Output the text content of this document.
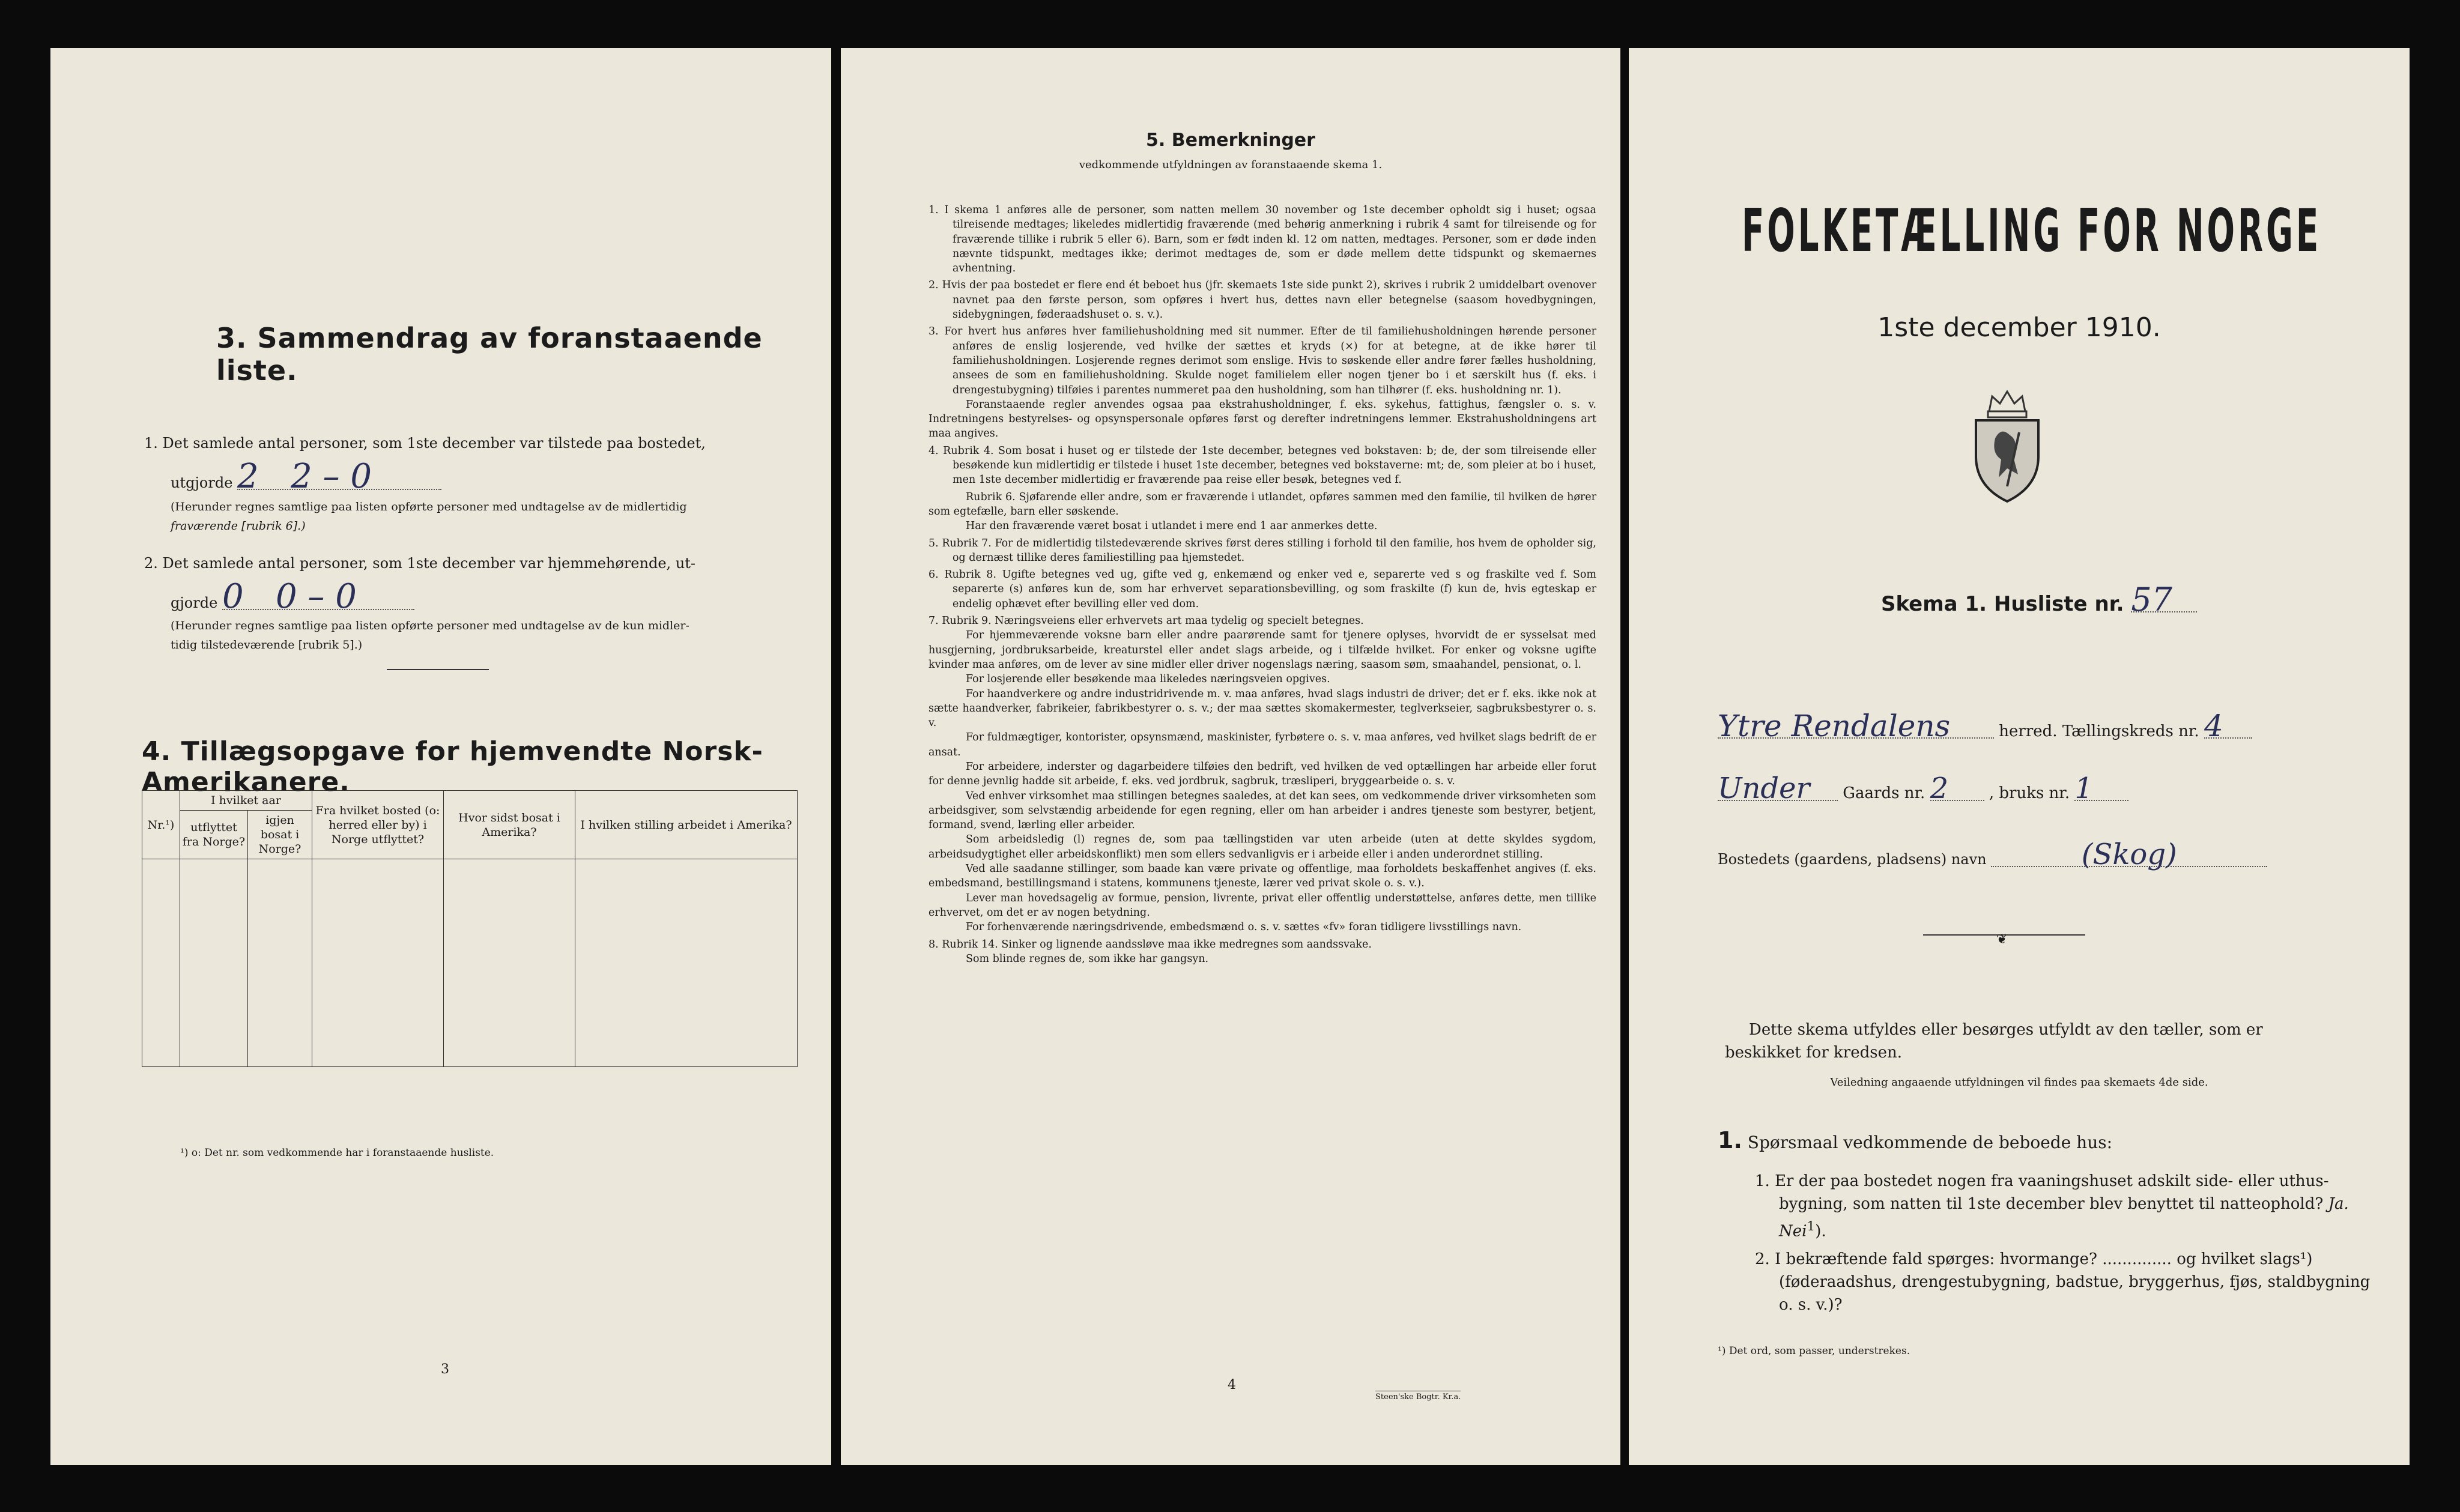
3. Sammendrag av foranstaaende liste.
1. Det samlede antal personer, som 1ste december var tilstede paa bostedet,
utgjorde 2 2 – 0
(Herunder regnes samtlige paa listen opførte personer med undtagelse av de midlertidig
fraværende [rubrik 6].)
2. Det samlede antal personer, som 1ste december var hjemmehørende, ut-
gjorde 0 0 – 0
(Herunder regnes samtlige paa listen opførte personer med undtagelse av de kun midler-
tidig tilstedeværende [rubrik 5].)
4. Tillægsopgave for hjemvendte Norsk-Amerikanere.
Nr.¹)	I hvilket aar		Fra hvilket bosted (o: herred eller by) i Norge utflyttet?	Hvor sidst bosat i Amerika?	I hvilken stilling arbeidet i Amerika?
	utflyttet fra Norge?	igjen bosat i Norge?			

¹) o: Det nr. som vedkommende har i foranstaaende husliste.
3
5. Bemerkninger
vedkommende utfyldningen av foranstaaende skema 1.

1. I skema 1 anføres alle de personer, som natten mellem 30 november og 1ste december opholdt sig i huset; ogsaa tilreisende medtages; likeledes midlertidig fraværende (med behørig anmerkning i rubrik 4 samt for tilreisende og for fraværende tillike i rubrik 5 eller 6). Barn, som er født inden kl. 12 om natten, medtages. Personer, som er døde inden nævnte tidspunkt, medtages ikke; derimot medtages de, som er døde mellem dette tidspunkt og skemaernes avhentning.

2. Hvis der paa bostedet er flere end ét beboet hus (jfr. skemaets 1ste side punkt 2), skrives i rubrik 2 umiddelbart ovenover navnet paa den første person, som opføres i hvert hus, dettes navn eller betegnelse (saasom hovedbygningen, sidebygningen, føderaadshuset o. s. v.).

3. For hvert hus anføres hver familiehusholdning med sit nummer. Efter de til familiehusholdningen hørende personer anføres de enslig losjerende, ved hvilke der sættes et kryds (×) for at betegne, at de ikke hører til familiehusholdningen. Losjerende regnes derimot som enslige. Hvis to søskende eller andre fører fælles husholdning, ansees de som en familiehusholdning. Skulde noget familielem eller nogen tjener bo i et særskilt hus (f. eks. i drengestubygning) tilføies i parentes nummeret paa den husholdning, som han tilhører (f. eks. husholdning nr. 1).

Foranstaaende regler anvendes ogsaa paa ekstrahusholdninger, f. eks. sykehus, fattighus, fængsler o. s. v. Indretningens bestyrelses- og opsynspersonale opføres først og derefter indretningens lemmer. Ekstrahusholdningens art maa angives.

4. Rubrik 4. Som bosat i huset og er tilstede der 1ste december, betegnes ved bokstaven: b; de, der som tilreisende eller besøkende kun midlertidig er tilstede i huset 1ste december, betegnes ved bokstaverne: mt; de, som pleier at bo i huset, men 1ste december midlertidig er fraværende paa reise eller besøk, betegnes ved f.

Rubrik 6. Sjøfarende eller andre, som er fraværende i utlandet, opføres sammen med den familie, til hvilken de hører som egtefælle, barn eller søskende.

Har den fraværende været bosat i utlandet i mere end 1 aar anmerkes dette.

5. Rubrik 7. For de midlertidig tilstedeværende skrives først deres stilling i forhold til den familie, hos hvem de opholder sig, og dernæst tillike deres familiestilling paa hjemstedet.

6. Rubrik 8. Ugifte betegnes ved ug, gifte ved g, enkemænd og enker ved e, separerte ved s og fraskilte ved f. Som separerte (s) anføres kun de, som har erhvervet separationsbevilling, og som fraskilte (f) kun de, hvis egteskap er endelig ophævet efter bevilling eller ved dom.

7. Rubrik 9. Næringsveiens eller erhvervets art maa tydelig og specielt betegnes.

For hjemmeværende voksne barn eller andre paarørende samt for tjenere oplyses, hvorvidt de er sysselsat med husgjerning, jordbruksarbeide, kreaturstel eller andet slags arbeide, og i tilfælde hvilket. For enker og voksne ugifte kvinder maa anføres, om de lever av sine midler eller driver nogenslags næring, saasom søm, smaahandel, pensionat, o. l.

For losjerende eller besøkende maa likeledes næringsveien opgives.

For haandverkere og andre industridrivende m. v. maa anføres, hvad slags industri de driver; det er f. eks. ikke nok at sætte haandverker, fabrikeier, fabrikbestyrer o. s. v.; der maa sættes skomakermester, teglverkseier, sagbruksbestyrer o. s. v.

For fuldmægtiger, kontorister, opsynsmænd, maskinister, fyrbøtere o. s. v. maa anføres, ved hvilket slags bedrift de er ansat.

For arbeidere, inderster og dagarbeidere tilføies den bedrift, ved hvilken de ved optællingen har arbeide eller forut for denne jevnlig hadde sit arbeide, f. eks. ved jordbruk, sagbruk, træsliperi, bryggearbeide o. s. v.

Ved enhver virksomhet maa stillingen betegnes saaledes, at det kan sees, om vedkommende driver virksomheten som arbeidsgiver, som selvstændig arbeidende for egen regning, eller om han arbeider i andres tjeneste som bestyrer, betjent, formand, svend, lærling eller arbeider.

Som arbeidsledig (l) regnes de, som paa tællingstiden var uten arbeide (uten at dette skyldes sygdom, arbeidsudygtighet eller arbeidskonflikt) men som ellers sedvanligvis er i arbeide eller i anden underordnet stilling.

Ved alle saadanne stillinger, som baade kan være private og offentlige, maa forholdets beskaffenhet angives (f. eks. embedsmand, bestillingsmand i statens, kommunens tjeneste, lærer ved privat skole o. s. v.).

Lever man hovedsagelig av formue, pension, livrente, privat eller offentlig understøttelse, anføres dette, men tillike erhvervet, om det er av nogen betydning.

For forhenværende næringsdrivende, embedsmænd o. s. v. sættes «fv» foran tidligere livsstillings navn.

8. Rubrik 14. Sinker og lignende aandssløve maa ikke medregnes som aandssvake.

Som blinde regnes de, som ikke har gangsyn.

4
Steen'ske Bogtr. Kr.a.
FOLKETÆLLING FOR NORGE
1ste december 1910.
Skema 1. Husliste nr. 57
Ytre Rendalens	herred. Tællingskreds nr. 4
Under Gaards nr. 2	, bruks nr. 1
Bostedets (gaardens, pladsens) navn	(Skog)
❦
Dette skema utfyldes eller besørges utfyldt av den tæller, som er beskikket for kredsen.
Veiledning angaaende utfyldningen vil findes paa skemaets 4de side.
1. Spørsmaal vedkommende de beboede hus:
1. Er der paa bostedet nogen fra vaaningshuset adskilt side- eller uthus-bygning, som natten til 1ste december blev benyttet til natteophold? Ja. Nei$^1$).
2. I bekræftende fald spørges: hvormange? .............. og hvilket slags¹) (føderaadshus, drengestubygning, badstue, bryggerhus, fjøs, staldbygning o. s. v.)?
¹) Det ord, som passer, understrekes.
